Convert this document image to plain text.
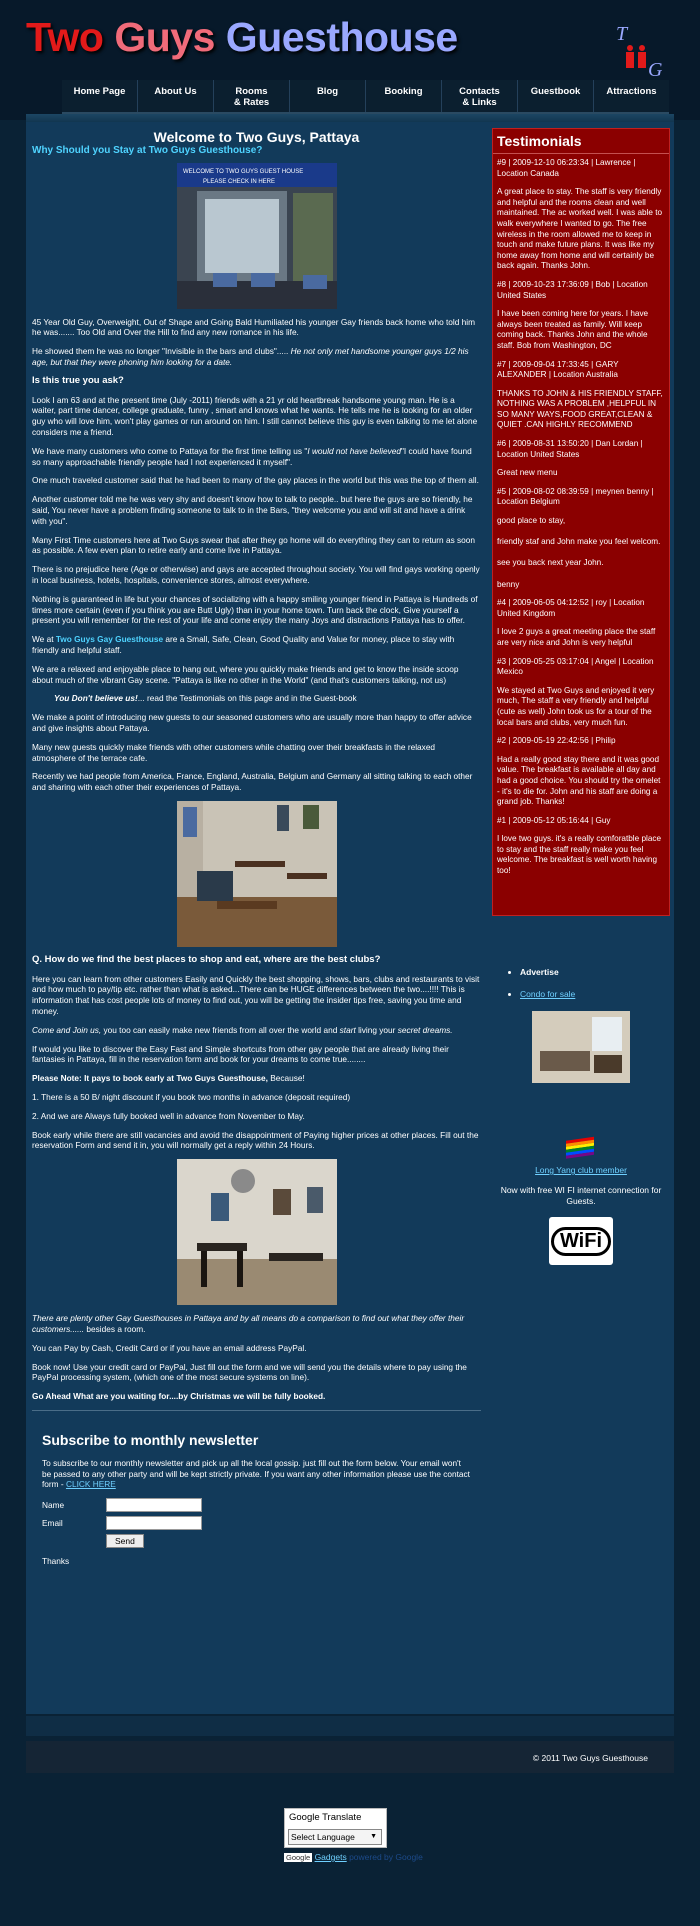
Two Guys Guesthouse	T
G
Home Page	About Us	Rooms
& Rates
Blog	Booking	Contacts
& Links
Guestbook	Attractions
Welcome to Two Guys, Pattaya
Why Should you Stay at Two Guys Guesthouse?
WELCOME TO TWO GUYS GUEST HOUSE
PLEASE CHECK IN HERE

45 Year Old Guy, Overweight, Out of Shape and Going Bald Humiliated his younger Gay friends back home who told him he was....... Too Old and Over the Hill to find any new romance in his life.

He showed them he was no longer "Invisible in the bars and clubs"..... He not only met handsome younger guys 1/2 his age, but that they were phoning him looking for a date.

Is this true you ask?

Look I am 63 and at the present time (July -2011) friends with a 21 yr old heartbreak handsome young man. He is a waiter, part time dancer, college graduate, funny , smart and knows what he wants. He tells me he is looking for an older guy who will love him, won't play games or run around on him. I still cannot believe this guy is even talking to me let alone considers me a friend.

We have many customers who come to Pattaya for the first time telling us "I would not have believed"I could have found so many approachable friendly people had I not experienced it myself".

One much traveled customer said that he had been to many of the gay places in the world but this was the top of them all.

Another customer told me he was very shy and doesn't know how to talk to people.. but here the guys are so friendly, he said, You never have a problem finding someone to talk to in the Bars, "they welcome you and will sit and have a drink with you".

Many First Time customers here at Two Guys swear that after they go home will do everything they can to return as soon as possible. A few even plan to retire early and come live in Pattaya.

There is no prejudice here (Age or otherwise) and gays are accepted throughout society. You will find gays working openly in local business, hotels, hospitals, convenience stores, almost everywhere.

Nothing is guaranteed in life but your chances of socializing with a happy smiling younger friend in Pattaya is Hundreds of times more certain (even if you think you are Butt Ugly) than in your home town. Turn back the clock, Give yourself a present you will remember for the rest of your life and come enjoy the many Joys and distractions Pattaya has to offer.

We at Two Guys Gay Guesthouse are a Small, Safe, Clean, Good Quality and Value for money, place to stay with friendly and helpful staff.

We are a relaxed and enjoyable place to hang out, where you quickly make friends and get to know the inside scoop about much of the vibrant Gay scene. "Pattaya is like no other in the World" (and that's customers talking, not us)

You Don't believe us!... read the Testimonials on this page and in the Guest-book

We make a point of introducing new guests to our seasoned customers who are usually more than happy to offer advice and give insights about Pattaya.

Many new guests quickly make friends with other customers while chatting over their breakfasts in the relaxed atmosphere of the terrace cafe.

Recently we had people from America, France, England, Australia, Belgium and Germany all sitting talking to each other and sharing with each other their experiences of Pattaya.

Q. How do we find the best places to shop and eat, where are the best clubs?

Here you can learn from other customers Easily and Quickly the best shopping, shows, bars, clubs and restaurants to visit and how much to pay/tip etc. rather than what is asked...There can be HUGE differences between the two....!!!! This is information that has cost people lots of money to find out, you will be getting the insider tips free, saving you time and money.

Come and Join us, you too can easily make new friends from all over the world and start living your secret dreams.

If would you like to discover the Easy Fast and Simple shortcuts from other gay people that are already living their fantasies in Pattaya, fill in the reservation form and book for your dreams to come true........

Please Note: It pays to book early at Two Guys Guesthouse, Because!

1. There is a 50 B/ night discount if you book two months in advance (deposit required)

2. And we are Always fully booked well in advance from November to May.

Book early while there are still vacancies and avoid the disappointment of Paying higher prices at other places. Fill out the reservation Form and send it in, you will normally get a reply within 24 Hours.

There are plenty other Gay Guesthouses in Pattaya and by all means do a comparison to find out what they offer their customers...... besides a room.

You can Pay by Cash, Credit Card or if you have an email address PayPal.

Book now! Use your credit card or PayPal, Just fill out the form and we will send you the details where to pay using the PayPal processing system, (which one of the most secure systems on line).

Go Ahead What are you waiting for....by Christmas we will be fully booked.

Subscribe to monthly newsletter

To subscribe to our monthly newsletter and pick up all the local gossip. just fill out the form below. Your email won't be passed to any other party and will be kept strictly private. If you want any other information please use the contact form - CLICK HERE

Name
Email
Send

Thanks

Testimonials

#9 | 2009-12-10 06:23:34 | Lawrence | Location Canada

A great place to stay. The staff is very friendly and helpful and the rooms clean and well maintained. The ac worked well. I was able to walk everywhere I wanted to go. The free wireless in the room allowed me to keep in touch and make future plans. It was like my home away from home and will certainly be back again. Thanks John.

#8 | 2009-10-23 17:36:09 | Bob | Location United States

I have been coming here for years. I have always been treated as family. Will keep coming back. Thanks John and the whole staff. Bob from Washington, DC

#7 | 2009-09-04 17:33:45 | GARY ALEXANDER | Location Australia

THANKS TO JOHN & HIS FRIENDLY STAFF, NOTHING WAS A PROBLEM ,HELPFUL IN SO MANY WAYS,FOOD GREAT,CLEAN & QUIET .CAN HIGHLY RECOMMEND

#6 | 2009-08-31 13:50:20 | Dan Lordan | Location United States

Great new menu

#5 | 2009-08-02 08:39:59 | meynen benny | Location Belgium

good place to stay,

friendly staf and John make you feel welcom.

see you back next year John.

benny

#4 | 2009-06-05 04:12:52 | roy | Location United Kingdom

I love 2 guys a great meeting place the staff are very nice and John is very helpful

#3 | 2009-05-25 03:17:04 | Angel | Location Mexico

We stayed at Two Guys and enjoyed it very much, The staff a very friendly and helpful (cute as well) John took us for a tour of the local bars and clubs, very much fun.

#2 | 2009-05-19 22:42:56 | Philip

Had a really good stay there and it was good value. The breakfast is available all day and had a good choice. You should try the omelet - it's to die for. John and his staff are doing a grand job. Thanks!

#1 | 2009-05-12 05:16:44 | Guy

I love two guys. it's a really comforatble place to stay and the staff really make you feel welcome. The breakfast is well worth having too!

• Advertise
• Condo for sale
Long Yang club member

Now with free WI FI internet connection for Guests.

WiFi
© 2011 Two Guys Guesthouse
Google Translate
Select Language ▼
Google Gadgets powered by Google
